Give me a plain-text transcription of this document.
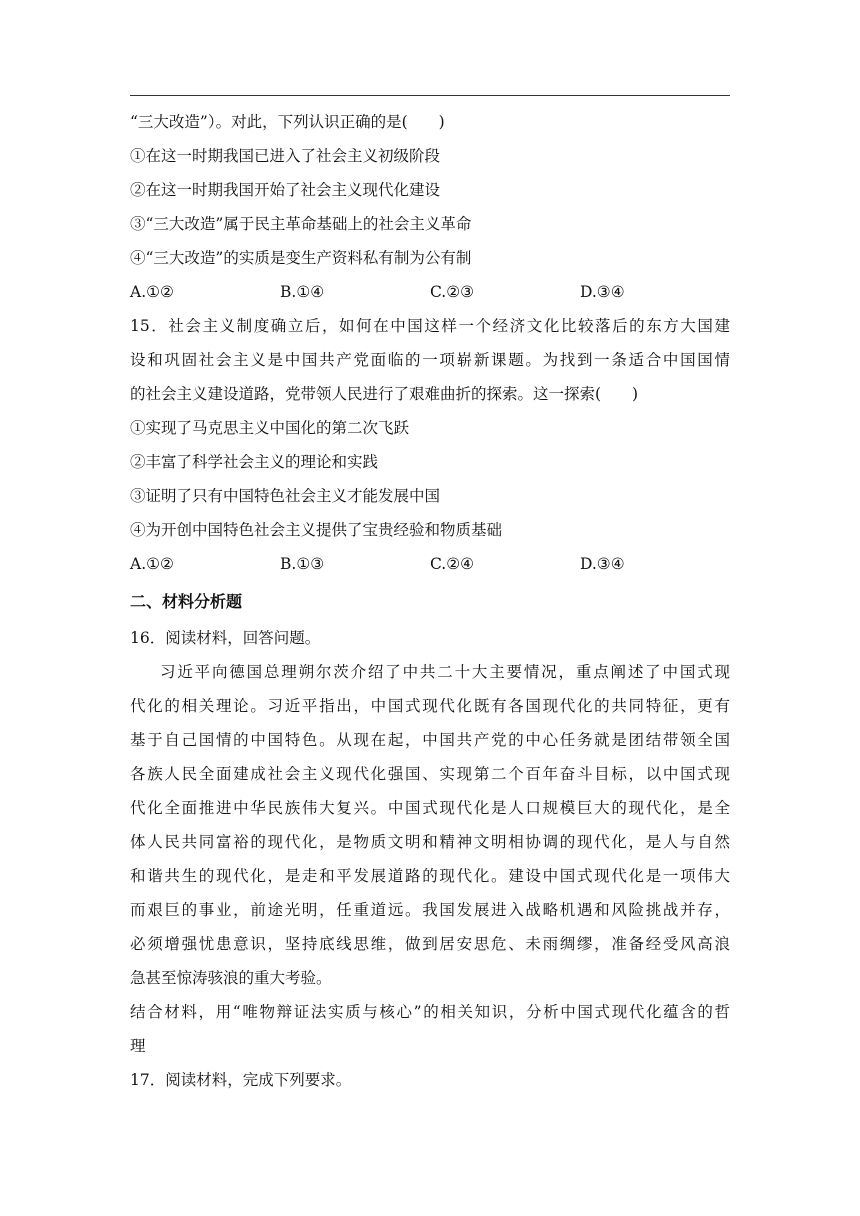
“三大改造”）。对此，下列认识正确的是(　　)
①在这一时期我国已进入了社会主义初级阶段
②在这一时期我国开始了社会主义现代化建设
③“三大改造”属于民主革命基础上的社会主义革命
④“三大改造”的实质是变生产资料私有制为公有制
A.①②	B.①④	C.②③	D.③④
15．社会主义制度确立后，如何在中国这样一个经济文化比较落后的东方大国建
设和巩固社会主义是中国共产党面临的一项崭新课题。为找到一条适合中国国情
的社会主义建设道路，党带领人民进行了艰难曲折的探索。这一探索(　　)
①实现了马克思主义中国化的第二次飞跃
②丰富了科学社会主义的理论和实践
③证明了只有中国特色社会主义才能发展中国
④为开创中国特色社会主义提供了宝贵经验和物质基础
A.①②	B.①③	C.②④	D.③④
二、材料分析题
16．阅读材料，回答问题。
习近平向德国总理朔尔茨介绍了中共二十大主要情况，重点阐述了中国式现
代化的相关理论。习近平指出，中国式现代化既有各国现代化的共同特征，更有
基于自己国情的中国特色。从现在起，中国共产党的中心任务就是团结带领全国
各族人民全面建成社会主义现代化强国、实现第二个百年奋斗目标，以中国式现
代化全面推进中华民族伟大复兴。中国式现代化是人口规模巨大的现代化，是全
体人民共同富裕的现代化，是物质文明和精神文明相协调的现代化，是人与自然
和谐共生的现代化，是走和平发展道路的现代化。建设中国式现代化是一项伟大
而艰巨的事业，前途光明，任重道远。我国发展进入战略机遇和风险挑战并存，
必须增强忧患意识，坚持底线思维，做到居安思危、未雨绸缪，准备经受风高浪
急甚至惊涛骇浪的重大考验。
结合材料，用“唯物辩证法实质与核心”的相关知识，分析中国式现代化蕴含的哲
理
17．阅读材料，完成下列要求。
